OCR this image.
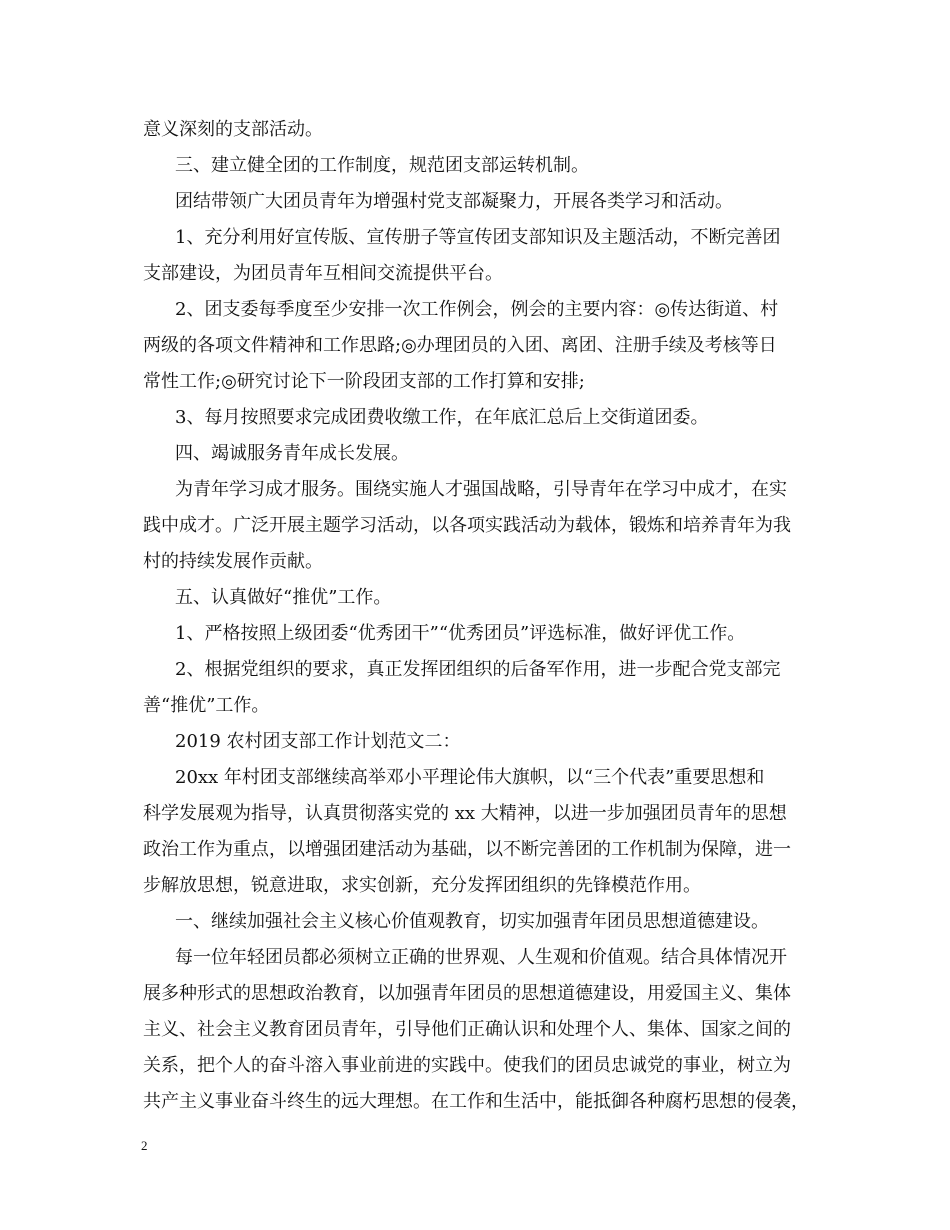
意义深刻的支部活动。
三、建立健全团的工作制度，规范团支部运转机制。
团结带领广大团员青年为增强村党支部凝聚力，开展各类学习和活动。
1、充分利用好宣传版、宣传册子等宣传团支部知识及主题活动，不断完善团
支部建设，为团员青年互相间交流提供平台。
2、团支委每季度至少安排一次工作例会，例会的主要内容：◎传达街道、村
两级的各项文件精神和工作思路;◎办理团员的入团、离团、注册手续及考核等日
常性工作;◎研究讨论下一阶段团支部的工作打算和安排;
3、每月按照要求完成团费收缴工作，在年底汇总后上交街道团委。
四、竭诚服务青年成长发展。
为青年学习成才服务。围绕实施人才强国战略，引导青年在学习中成才，在实
践中成才。广泛开展主题学习活动，以各项实践活动为载体，锻炼和培养青年为我
村的持续发展作贡献。
五、认真做好“推优”工作。
1、严格按照上级团委“优秀团干”“优秀团员”评选标准，做好评优工作。
2、根据党组织的要求，真正发挥团组织的后备军作用，进一步配合党支部完
善“推优”工作。
2019 农村团支部工作计划范文二：
20xx 年村团支部继续高举邓小平理论伟大旗帜，以“三个代表”重要思想和
科学发展观为指导，认真贯彻落实党的 xx 大精神，以进一步加强团员青年的思想
政治工作为重点，以增强团建活动为基础，以不断完善团的工作机制为保障，进一
步解放思想，锐意进取，求实创新，充分发挥团组织的先锋模范作用。
一、继续加强社会主义核心价值观教育，切实加强青年团员思想道德建设。
每一位年轻团员都必须树立正确的世界观、人生观和价值观。结合具体情况开
展多种形式的思想政治教育，以加强青年团员的思想道德建设，用爱国主义、集体
主义、社会主义教育团员青年，引导他们正确认识和处理个人、集体、国家之间的
关系，把个人的奋斗溶入事业前进的实践中。使我们的团员忠诚党的事业，树立为
共产主义事业奋斗终生的远大理想。在工作和生活中，能抵御各种腐朽思想的侵袭，
2
